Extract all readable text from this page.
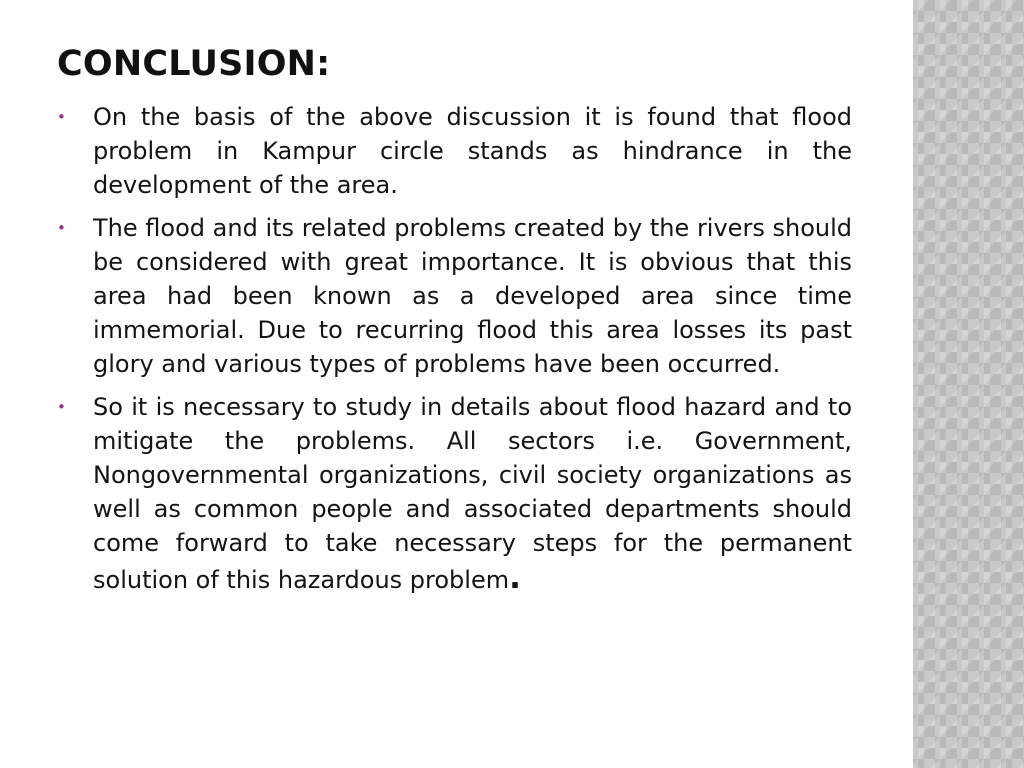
CONCLUSION:
• On the basis of the above discussion it is found that flood problem in Kampur circle stands as hindrance in the development of the area.
• The flood and its related problems created by the rivers should be considered with great importance. It is obvious that this area had been known as a developed area since time immemorial. Due to recurring flood this area losses its past glory and various types of problems have been occurred.
• So it is necessary to study in details about flood hazard and to mitigate the problems. All sectors i.e. Government, Nongovernmental organizations, civil society organizations as well as common people and associated departments should come forward to take necessary steps for the permanent solution of this hazardous problem.
